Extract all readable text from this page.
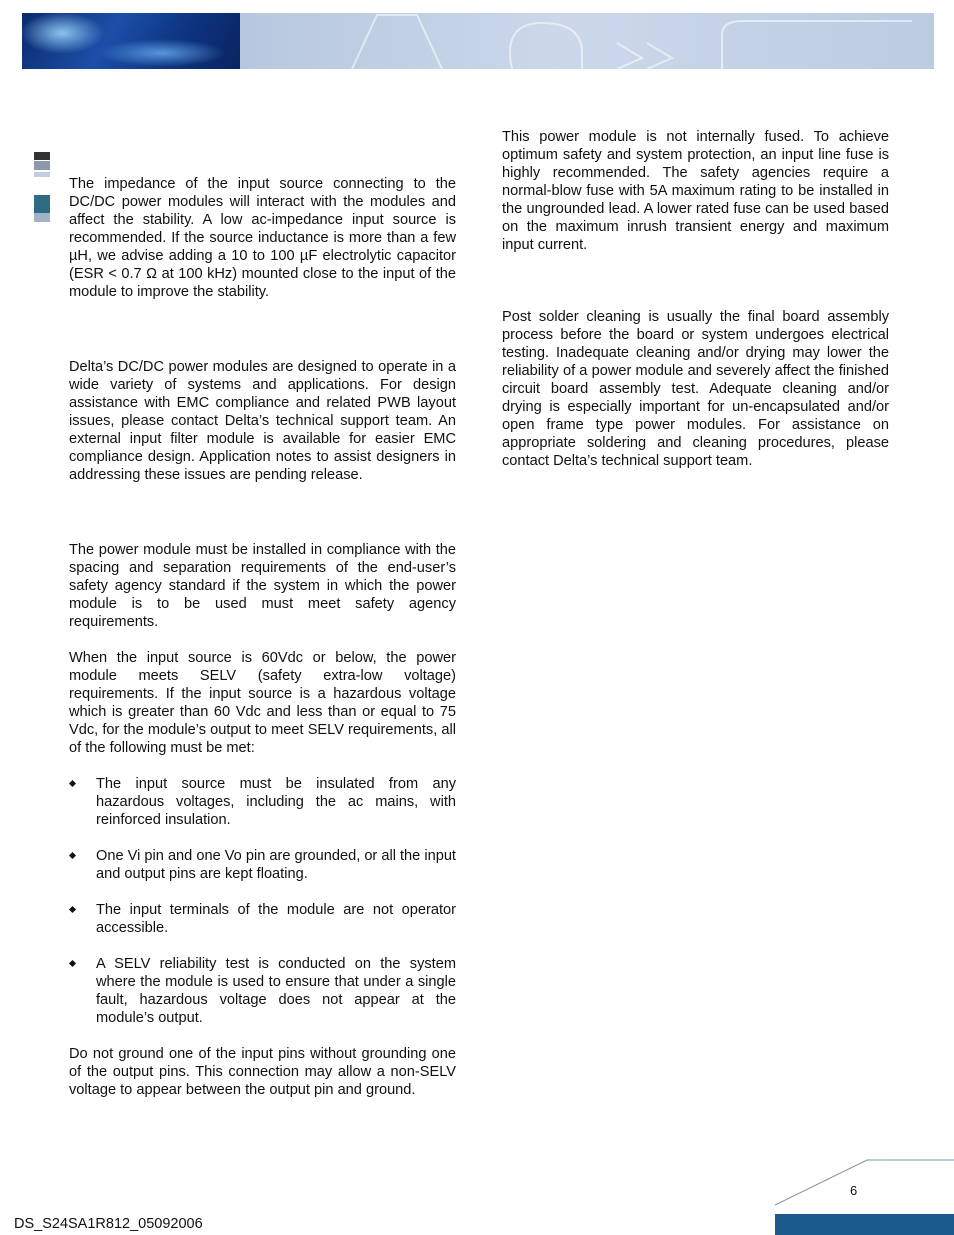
The impedance of the input source connecting to the DC/DC power modules will interact with the modules and affect the stability. A low ac-impedance input source is recommended. If the source inductance is more than a few µH, we advise adding a 10 to 100 µF electrolytic capacitor (ESR < 0.7 Ω at 100 kHz) mounted close to the input of the module to improve the stability.

Delta’s DC/DC power modules are designed to operate in a wide variety of systems and applications. For design assistance with EMC compliance and related PWB layout issues, please contact Delta’s technical support team. An external input filter module is available for easier EMC compliance design. Application notes to assist designers in addressing these issues are pending release.

The power module must be installed in compliance with the spacing and separation requirements of the end-user’s safety agency standard if the system in which the power module is to be used must meet safety agency requirements.

When the input source is 60Vdc or below, the power module meets SELV (safety extra-low voltage) requirements. If the input source is a hazardous voltage which is greater than 60 Vdc and less than or equal to 75 Vdc, for the module’s output to meet SELV requirements, all of the following must be met:

The input source must be insulated from any hazardous voltages, including the ac mains, with reinforced insulation.
One Vi pin and one Vo pin are grounded, or all the input and output pins are kept floating.
The input terminals of the module are not operator accessible.
A SELV reliability test is conducted on the system where the module is used to ensure that under a single fault, hazardous voltage does not appear at the module’s output.

Do not ground one of the input pins without grounding one of the output pins. This connection may allow a non-SELV voltage to appear between the output pin and ground.

This power module is not internally fused. To achieve optimum safety and system protection, an input line fuse is highly recommended. The safety agencies require a normal-blow fuse with 5A maximum rating to be installed in the ungrounded lead. A lower rated fuse can be used based on the maximum inrush transient energy and maximum input current.

Post solder cleaning is usually the final board assembly process before the board or system undergoes electrical testing. Inadequate cleaning and/or drying may lower the reliability of a power module and severely affect the finished circuit board assembly test. Adequate cleaning and/or drying is especially important for un-encapsulated and/or open frame type power modules. For assistance on appropriate soldering and cleaning procedures, please contact Delta’s technical support team.

6
DS_S24SA1R812_05092006
